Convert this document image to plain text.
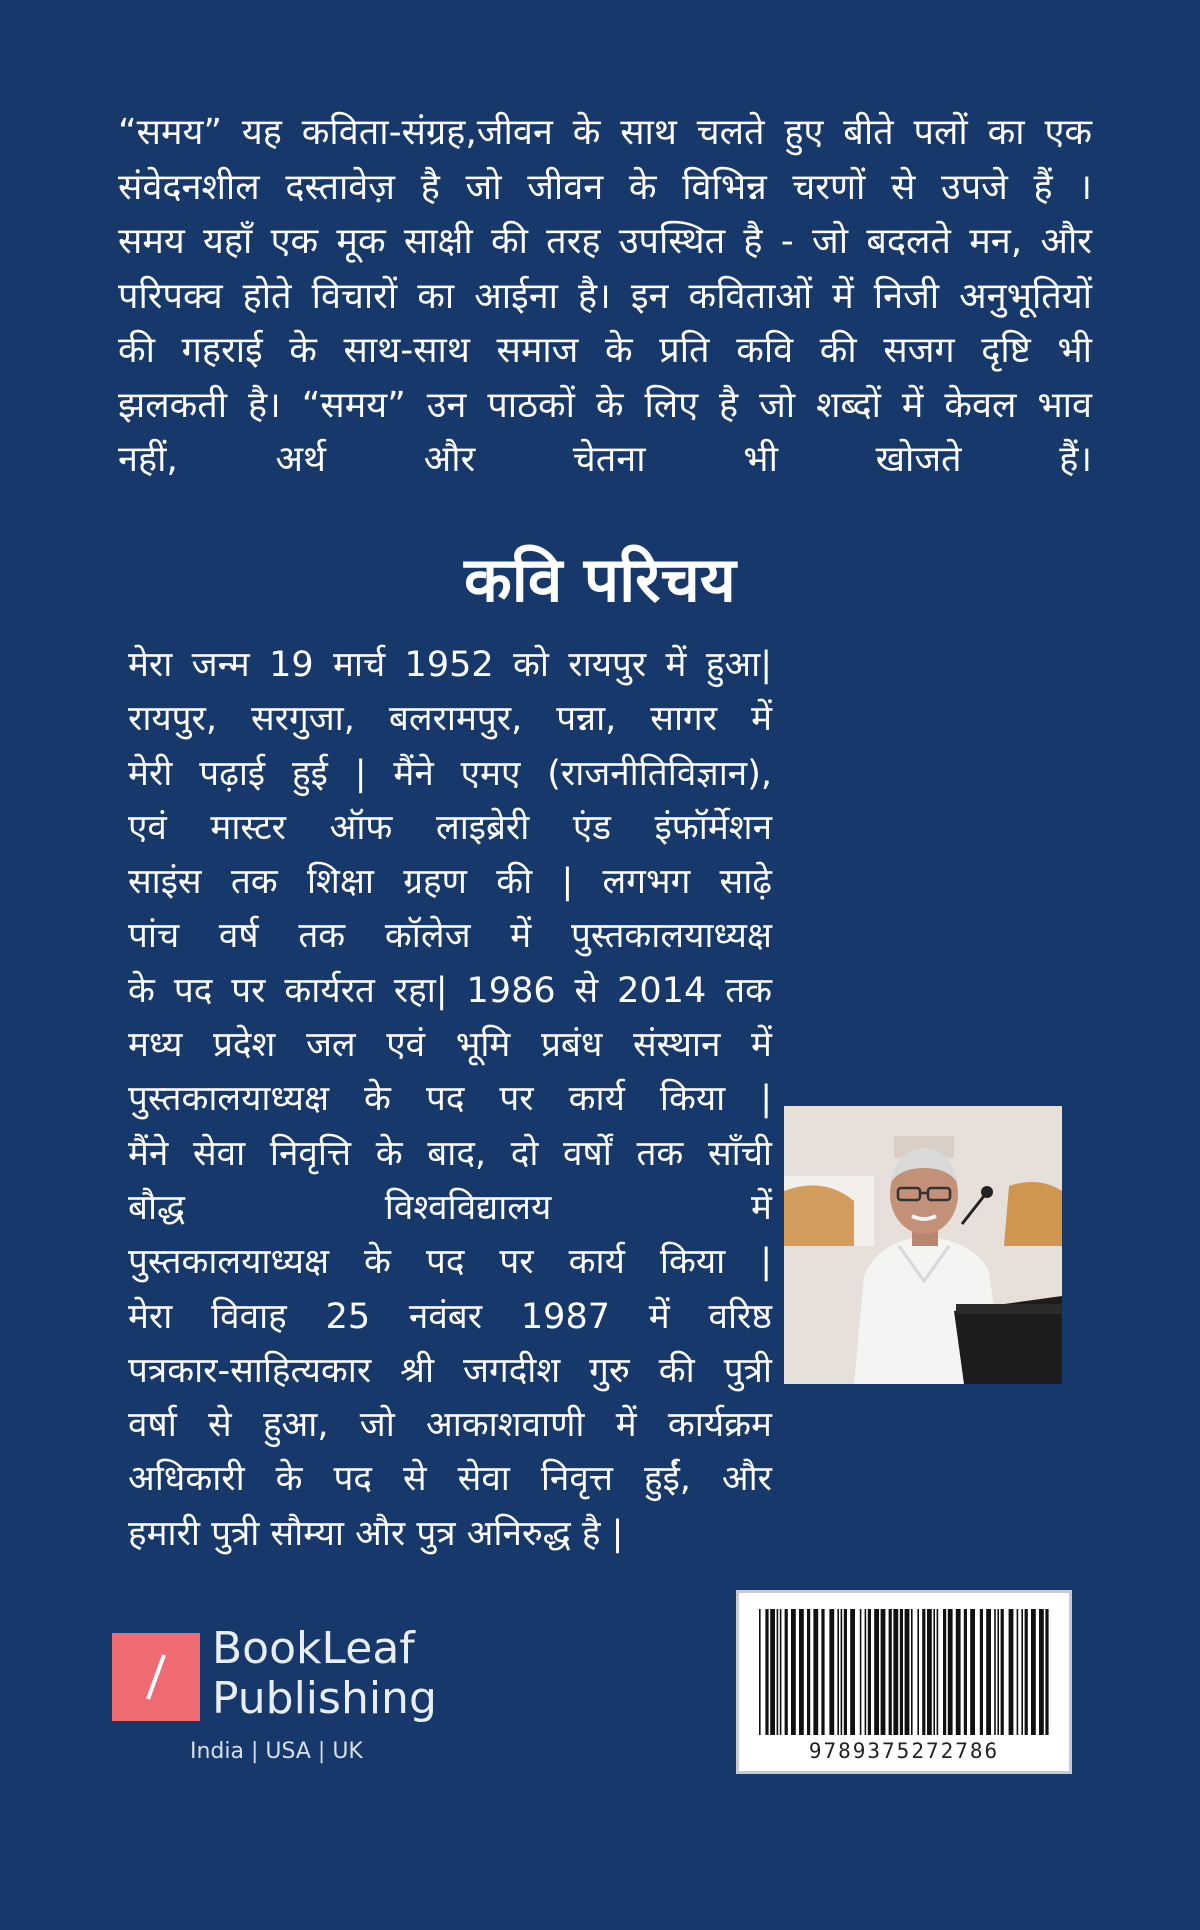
“समय” यह कविता-संग्रह,जीवन के साथ चलते हुए बीते पलों का एक
संवेदनशील दस्तावेज़ है जो जीवन के विभिन्न चरणों से उपजे हैं ।
समय यहाँ एक मूक साक्षी की तरह उपस्थित है - जो बदलते मन, और
परिपक्व होते विचारों का आईना है। इन कविताओं में निजी अनुभूतियों
की गहराई के साथ-साथ समाज के प्रति कवि की सजग दृष्टि भी
झलकती है। “समय” उन पाठकों के लिए है जो शब्दों में केवल भाव
नहीं, अर्थ और चेतना भी खोजते हैं।

कवि परिचय

मेरा जन्म 19 मार्च 1952 को रायपुर में हुआ|
रायपुर, सरगुजा, बलरामपुर, पन्ना, सागर में
मेरी पढ़ाई हुई | मैंने एमए (राजनीतिविज्ञान),
एवं मास्टर ऑफ लाइब्रेरी एंड इंफॉर्मेशन
साइंस तक शिक्षा ग्रहण की | लगभग साढ़े
पांच वर्ष तक कॉलेज में पुस्तकालयाध्यक्ष
के पद पर कार्यरत रहा| 1986 से 2014 तक
मध्य प्रदेश जल एवं भूमि प्रबंध संस्थान में
पुस्तकालयाध्यक्ष के पद पर कार्य किया |
मैंने सेवा निवृत्ति के बाद, दो वर्षों तक साँची
बौद्ध विश्वविद्यालय में
पुस्तकालयाध्यक्ष के पद पर कार्य किया |
मेरा विवाह 25 नवंबर 1987 में वरिष्ठ
पत्रकार-साहित्यकार श्री जगदीश गुरु की पुत्री
वर्षा से हुआ, जो आकाशवाणी में कार्यक्रम
अधिकारी के पद से सेवा निवृत्त हुईं, और
हमारी पुत्री सौम्या और पुत्र अनिरुद्ध है |

BookLeaf
Publishing
India | USA | UK	9789375272786
